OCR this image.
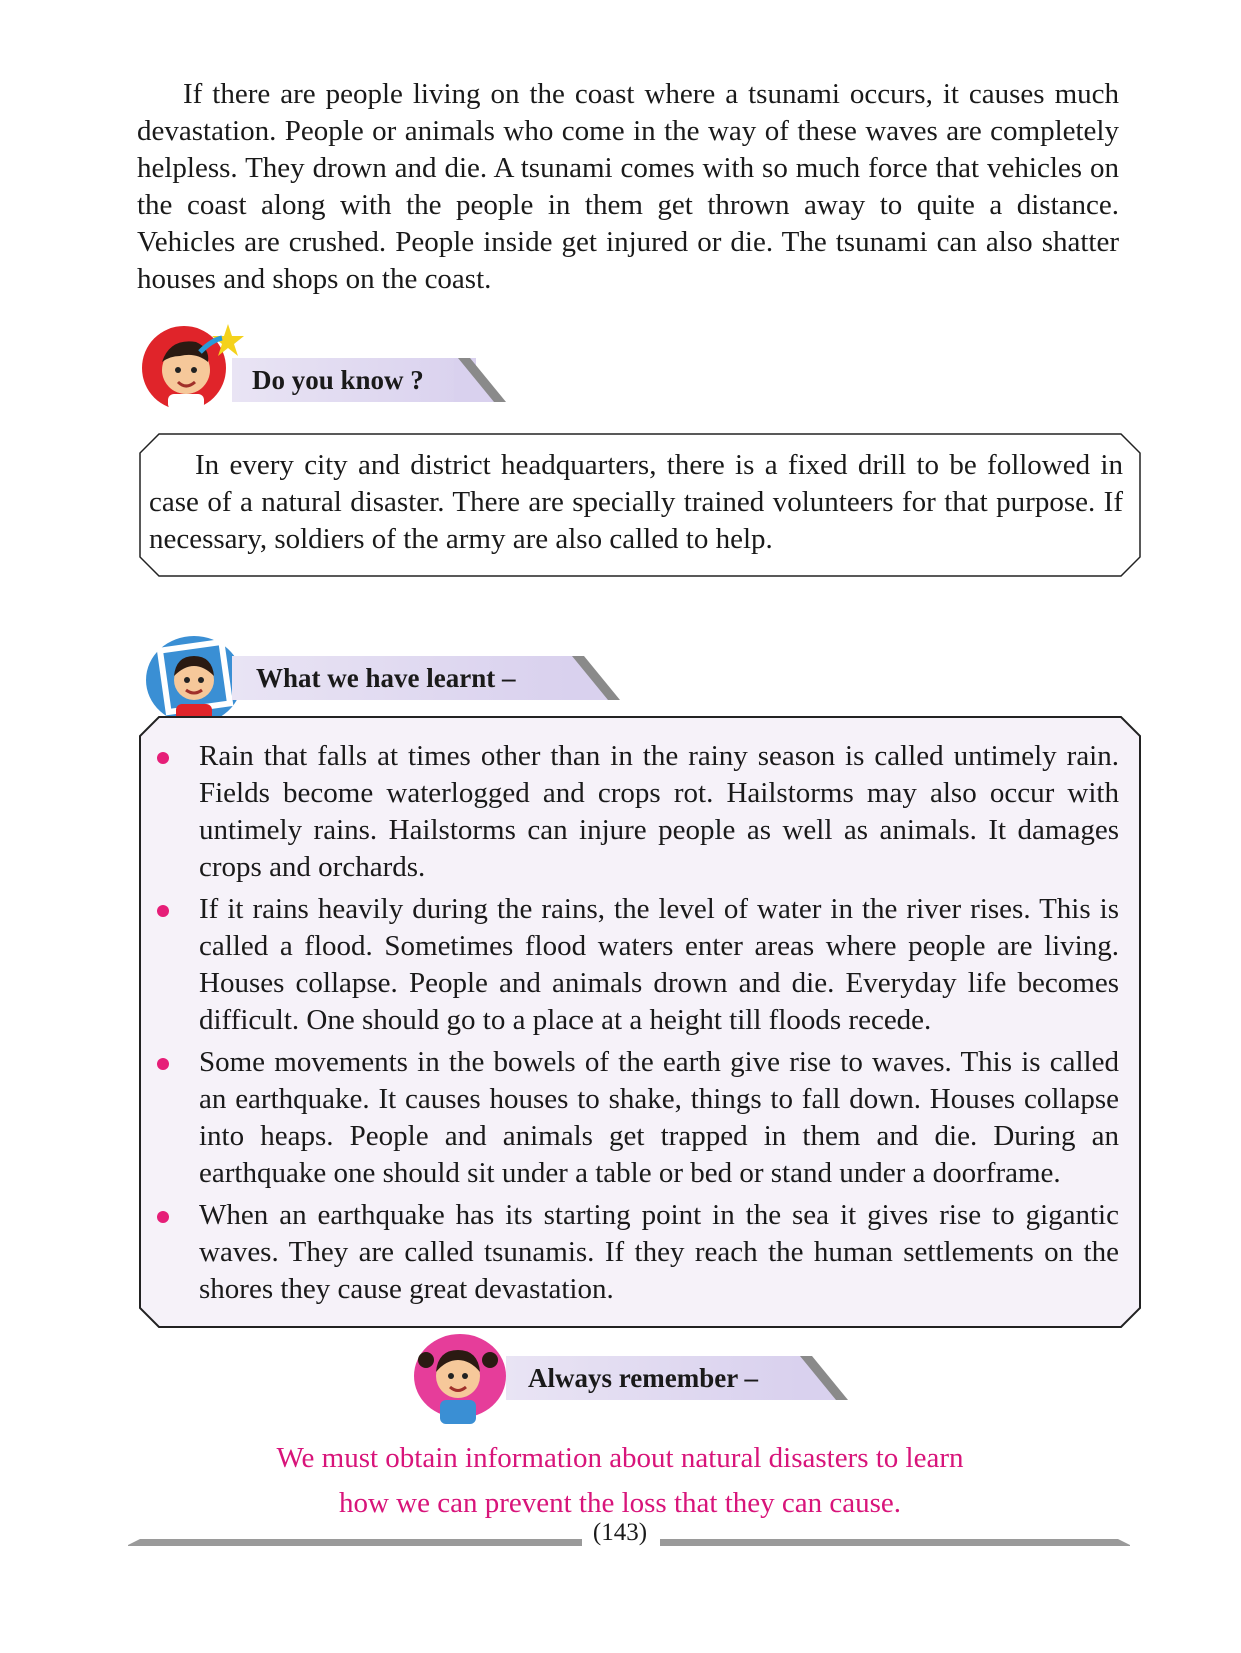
If there are people living on the coast where a tsunami occurs, it causes much devastation. People or animals who come in the way of these waves are completely helpless. They drown and die. A tsunami comes with so much force that vehicles on the coast along with the people in them get thrown away to quite a distance. Vehicles are crushed. People inside get injured or die. The tsunami can also shatter houses and shops on the coast.

Do you know ?

In every city and district headquarters, there is a fixed drill to be followed in case of a natural disaster. There are specially trained volunteers for that purpose. If necessary, soldiers of the army are also called to help.

What we have learnt –
Rain that falls at times other than in the rainy season is called untimely rain. Fields become waterlogged and crops rot. Hailstorms may also occur with untimely rains. Hailstorms can injure people as well as animals. It damages crops and orchards.
If it rains heavily during the rains, the level of water in the river rises. This is called a flood. Sometimes flood waters enter areas where people are living. Houses collapse. People and animals drown and die. Everyday life becomes difficult. One should go to a place at a height till floods recede.
Some movements in the bowels of the earth give rise to waves. This is called an earthquake. It causes houses to shake, things to fall down. Houses collapse into heaps. People and animals get trapped in them and die. During an earthquake one should sit under a table or bed or stand under a doorframe.
When an earthquake has its starting point in the sea it gives rise to gigantic waves. They are called tsunamis. If they reach the human settlements on the shores they cause great devastation.
Always remember –
We must obtain information about natural disasters to learn
how we can prevent the loss that they can cause.
(143)
